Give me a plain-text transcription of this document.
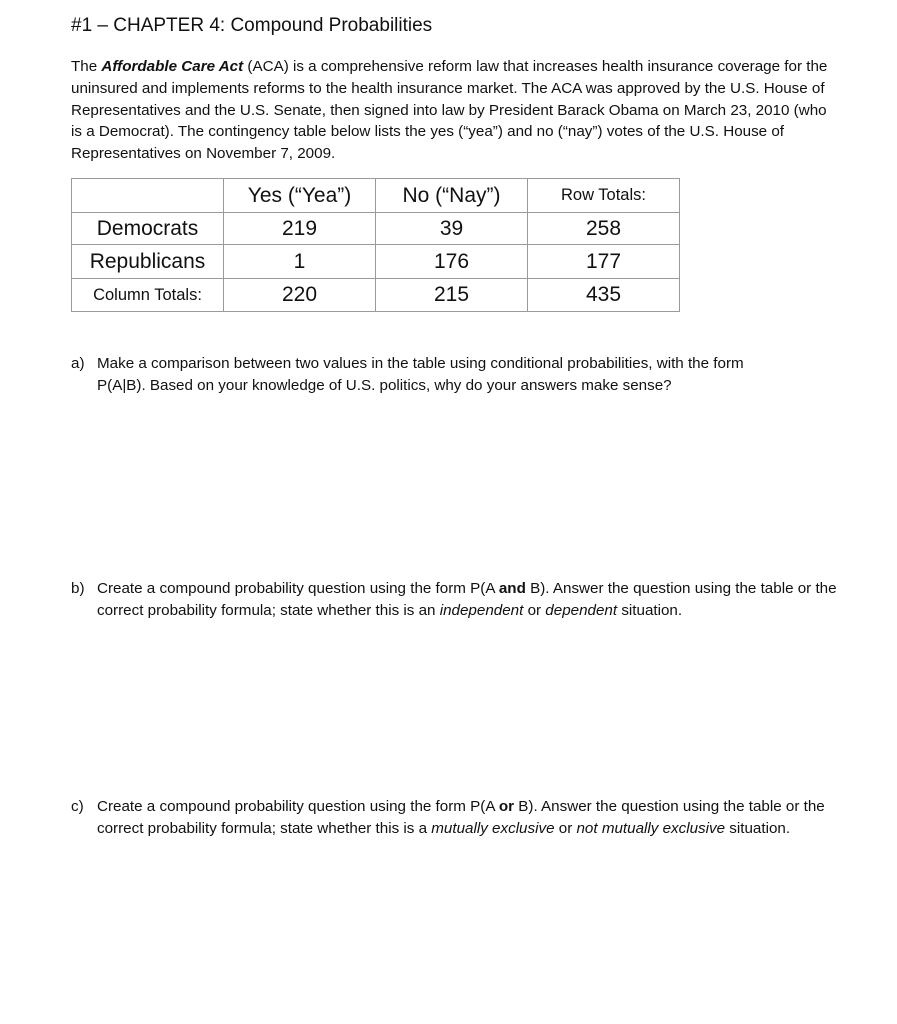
#1 – CHAPTER 4: Compound Probabilities

The Affordable Care Act (ACA) is a comprehensive reform law that increases health insurance coverage for the uninsured and implements reforms to the health insurance market. The ACA was approved by the U.S. House of Representatives and the U.S. Senate, then signed into law by President Barack Obama on March 23, 2010 (who is a Democrat). The contingency table below lists the yes (“yea”) and no (“nay”) votes of the U.S. House of Representatives on November 7, 2009.

	Yes (“Yea”)	No (“Nay”)	Row Totals:
Democrats	219	39	258
Republicans	1	176	177
Column Totals:	220	215	435
a) Make a comparison between two values in the table using conditional probabilities, with the form
P(A|B). Based on your knowledge of U.S. politics, why do your answers make sense?
b) Create a compound probability question using the form P(A and B). Answer the question using the table or the correct probability formula; state whether this is an independent or dependent situation.
c) Create a compound probability question using the form P(A or B). Answer the question using the table or the correct probability formula; state whether this is a mutually exclusive or not mutually exclusive situation.
